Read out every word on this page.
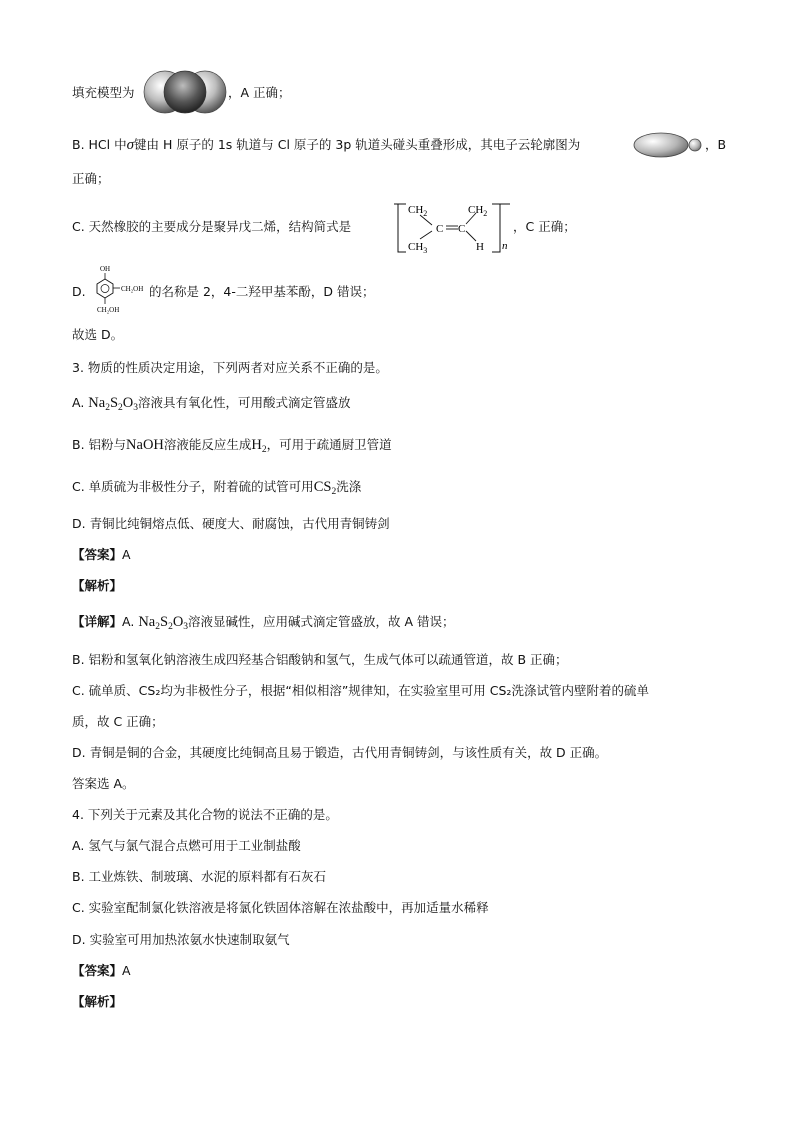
填充模型为	，A 正确；
B. HCl 中σ键由 H 原子的 1s 轨道与 Cl 原子的 3p 轨道头碰头重叠形成，其电子云轮廓图为	，B
正确；
C. 天然橡胶的主要成分是聚异戊二烯，结构简式是
$CH_2$
$CH_3$
C C
$CH_2$
H n
，C 正确；
D.
OH
CH₂OH
CH₂OH
的名称是 2，4-二羟甲基苯酚，D 错误；
故选 D。
3. 物质的性质决定用途，下列两者对应关系不正确的是。
A. $Na_2S_2O_3$溶液具有氧化性，可用酸式滴定管盛放
B. 铝粉与NaOH溶液能反应生成$H_2$，可用于疏通厨卫管道
C. 单质硫为非极性分子，附着硫的试管可用$CS_2$洗涤
D. 青铜比纯铜熔点低、硬度大、耐腐蚀，古代用青铜铸剑
【答案】A
【解析】
【详解】A. $Na_2S_2O_3$溶液显碱性，应用碱式滴定管盛放，故 A 错误；
B. 铝粉和氢氧化钠溶液生成四羟基合铝酸钠和氢气，生成气体可以疏通管道，故 B 正确；
C. 硫单质、CS₂均为非极性分子，根据“相似相溶”规律知，在实验室里可用 CS₂洗涤试管内壁附着的硫单
质，故 C 正确；
D. 青铜是铜的合金，其硬度比纯铜高且易于锻造，古代用青铜铸剑，与该性质有关，故 D 正确。
答案选 A。
4. 下列关于元素及其化合物的说法不正确的是。
A. 氢气与氯气混合点燃可用于工业制盐酸
B. 工业炼铁、制玻璃、水泥的原料都有石灰石
C. 实验室配制氯化铁溶液是将氯化铁固体溶解在浓盐酸中，再加适量水稀释
D. 实验室可用加热浓氨水快速制取氨气
【答案】A
【解析】
